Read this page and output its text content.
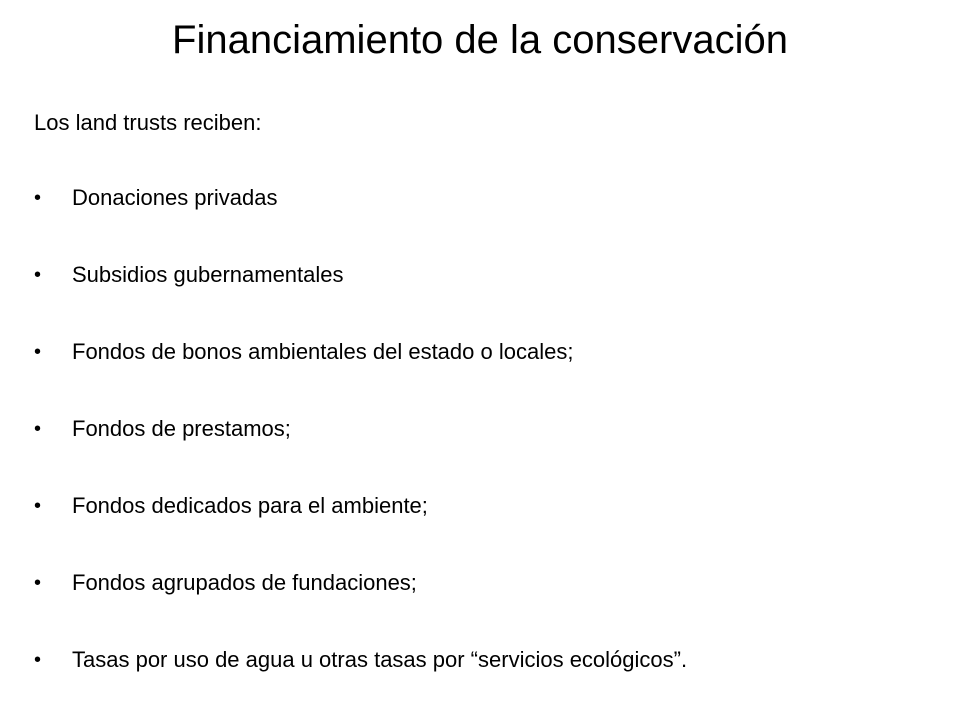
Financiamiento de la conservación
Los land trusts reciben:
•	Donaciones privadas
•	Subsidios gubernamentales
•	Fondos de bonos ambientales del estado o locales;
•	Fondos de prestamos;
•	Fondos dedicados para el ambiente;
•	Fondos agrupados de fundaciones;
•	Tasas por uso de agua u otras tasas por “servicios ecológicos”.
